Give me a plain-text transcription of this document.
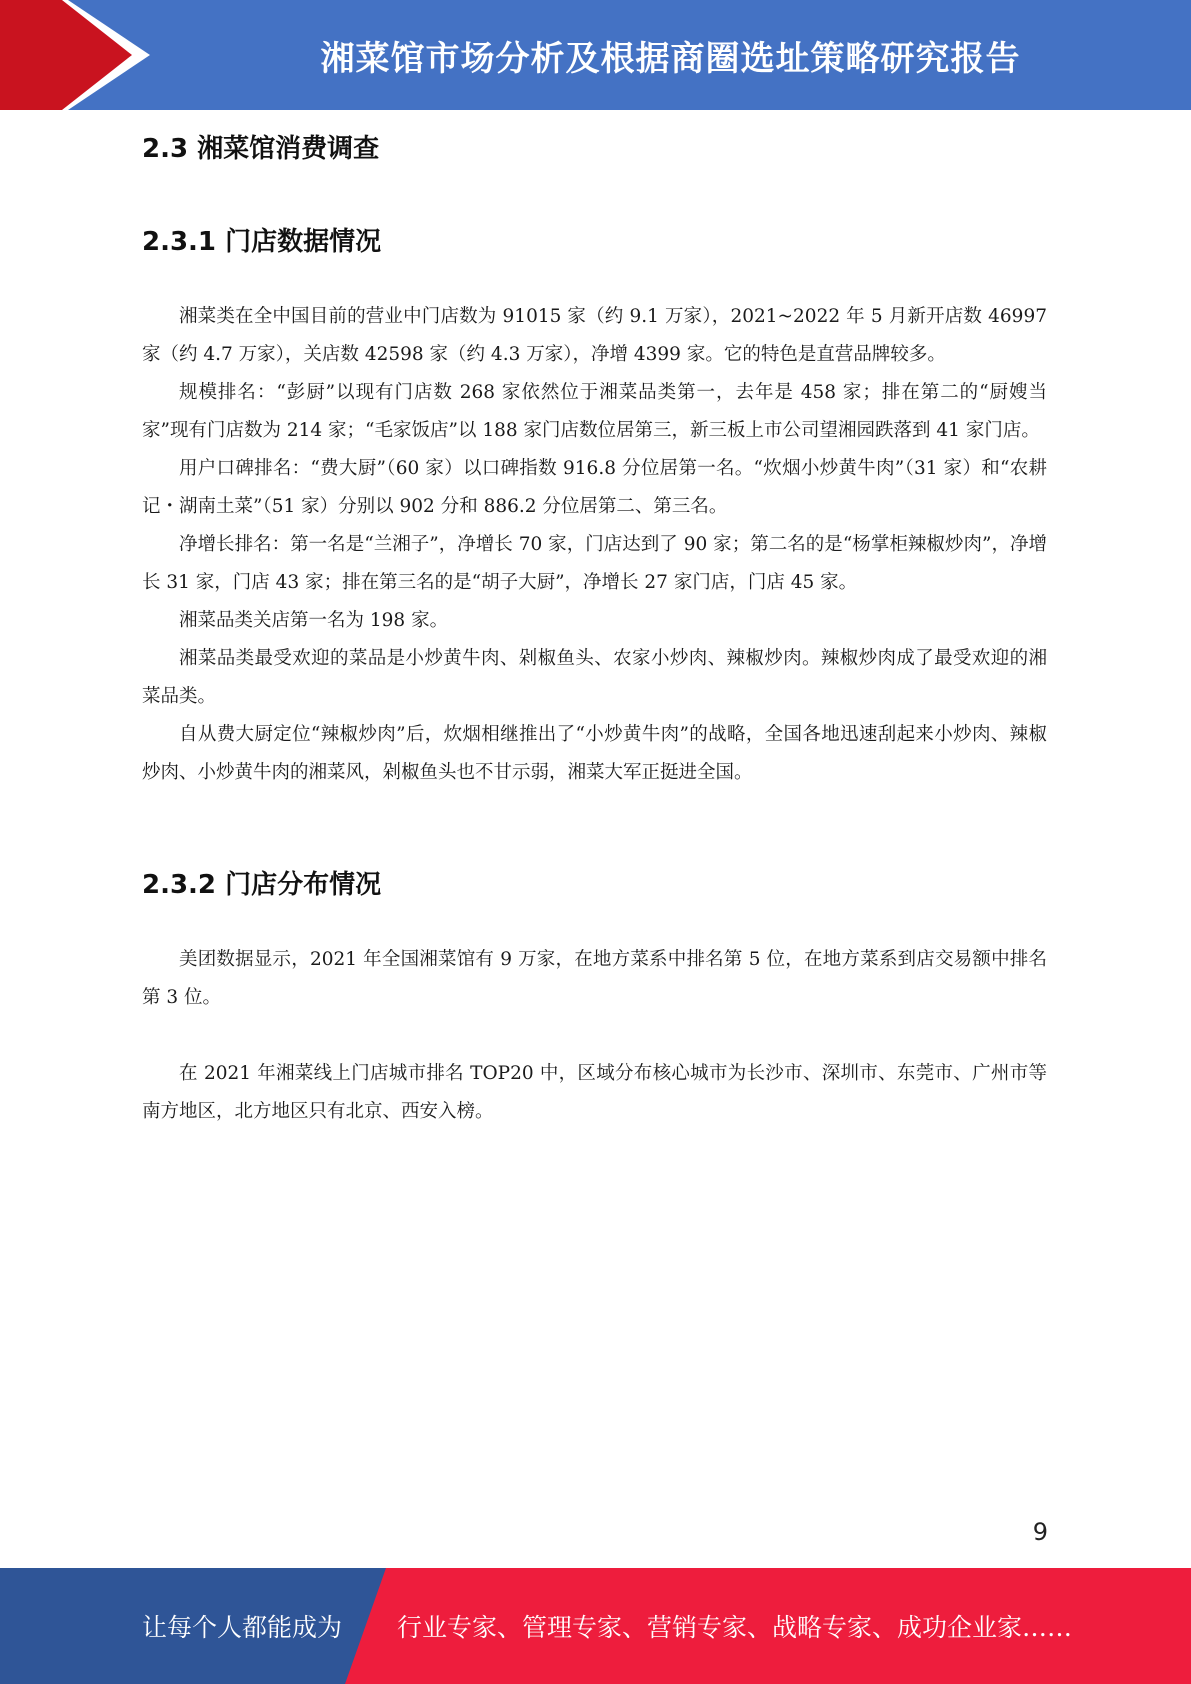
湘菜馆市场分析及根据商圈选址策略研究报告
2.3 湘菜馆消费调查
2.3.1 门店数据情况

湘菜类在全中国目前的营业中门店数为 91015 家（约 9.1 万家），2021~2022 年 5 月新开店数 46997 家（约 4.7 万家），关店数 42598 家（约 4.3 万家），净增 4399 家。它的特色是直营品牌较多。

规模排名：“彭厨”以现有门店数 268 家依然位于湘菜品类第一，去年是 458 家；排在第二的“厨嫂当家”现有门店数为 214 家；“毛家饭店”以 188 家门店数位居第三，新三板上市公司望湘园跌落到 41 家门店。

用户口碑排名：“费大厨”（60 家）以口碑指数 916.8 分位居第一名。“炊烟小炒黄牛肉”（31 家）和“农耕记・湖南土菜”（51 家）分别以 902 分和 886.2 分位居第二、第三名。

净增长排名：第一名是“兰湘子”，净增长 70 家，门店达到了 90 家；第二名的是“杨掌柜辣椒炒肉”，净增长 31 家，门店 43 家；排在第三名的是“胡子大厨”，净增长 27 家门店，门店 45 家。

湘菜品类关店第一名为 198 家。

湘菜品类最受欢迎的菜品是小炒黄牛肉、剁椒鱼头、农家小炒肉、辣椒炒肉。辣椒炒肉成了最受欢迎的湘菜品类。

自从费大厨定位“辣椒炒肉”后，炊烟相继推出了“小炒黄牛肉”的战略，全国各地迅速刮起来小炒肉、辣椒炒肉、小炒黄牛肉的湘菜风，剁椒鱼头也不甘示弱，湘菜大军正挺进全国。

2.3.2 门店分布情况

美团数据显示，2021 年全国湘菜馆有 9 万家，在地方菜系中排名第 5 位，在地方菜系到店交易额中排名第 3 位。

在 2021 年湘菜线上门店城市排名 TOP20 中，区域分布核心城市为长沙市、深圳市、东莞市、广州市等南方地区，北方地区只有北京、西安入榜。

9
让每个人都能成为 行业专家、管理专家、营销专家、战略专家、成功企业家……
